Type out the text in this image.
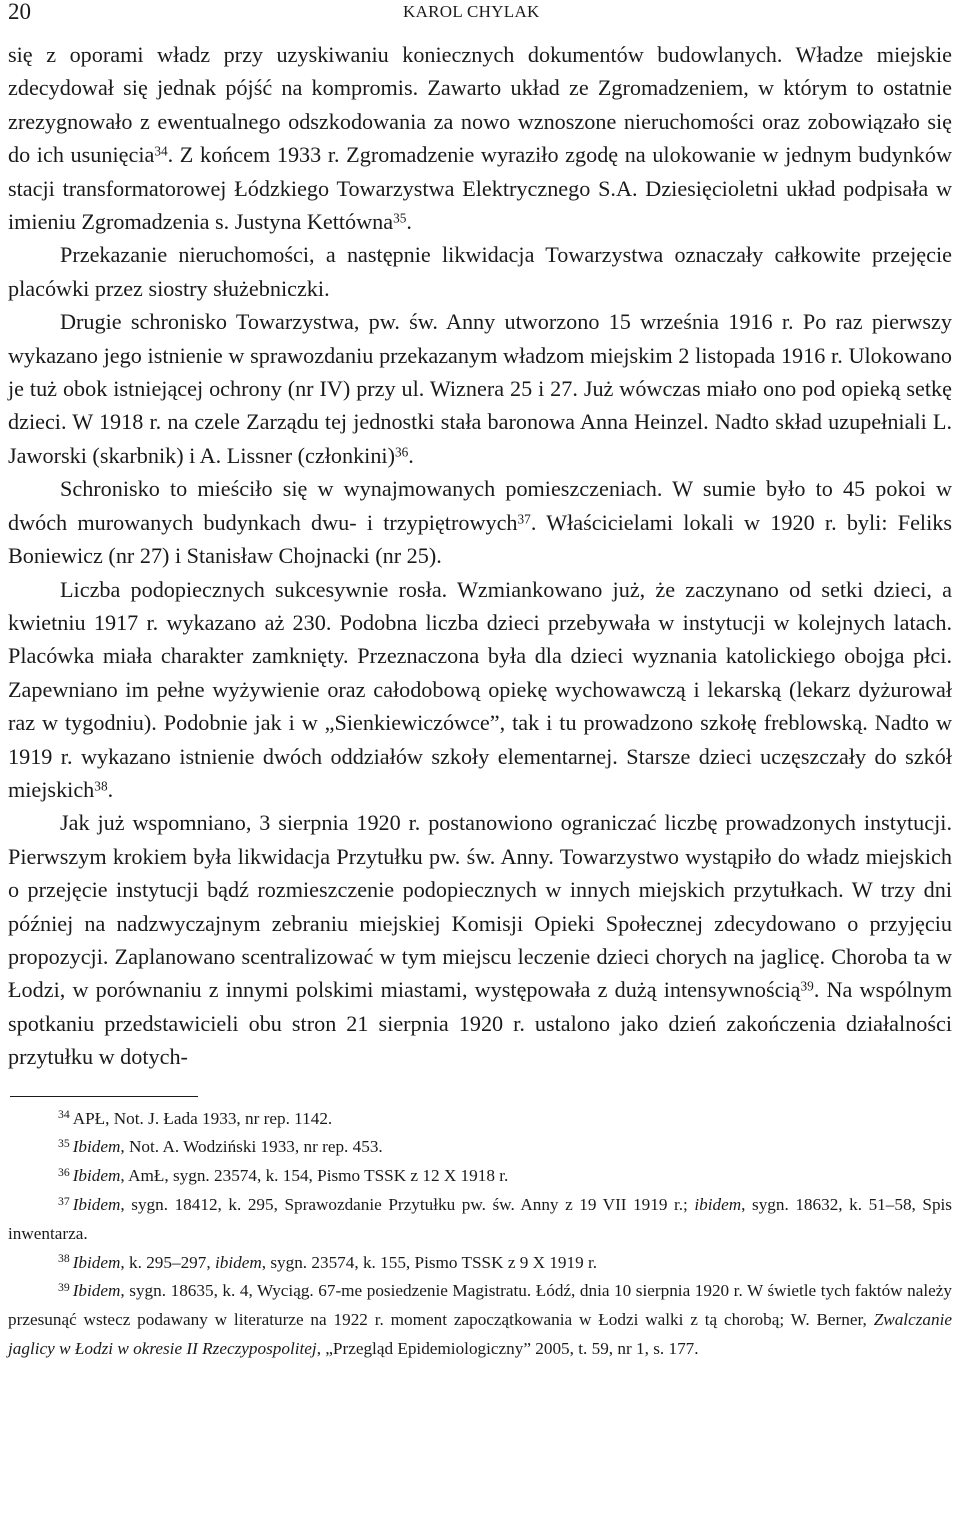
20	KAROL CHYLAK

się z oporami władz przy uzyskiwaniu koniecznych dokumentów budowlanych. Władze miejskie zdecydował się jednak pójść na kompromis. Zawarto układ ze Zgromadzeniem, w którym to ostatnie zrezygnowało z ewentualnego odszkodowania za nowo wznoszone nieruchomości oraz zobowiązało się do ich usunięcia$^{34}$. Z końcem 1933 r. Zgromadzenie wyraziło zgodę na ulokowanie w jednym budynków stacji transformatorowej Łódzkiego Towarzystwa Elektrycznego S.A. Dziesięcioletni układ podpisała w imieniu Zgromadzenia s. Justyna Kettówna$^{35}$.

Przekazanie nieruchomości, a następnie likwidacja Towarzystwa oznaczały całkowite przejęcie placówki przez siostry służebniczki.

Drugie schronisko Towarzystwa, pw. św. Anny utworzono 15 września 1916 r. Po raz pierwszy wykazano jego istnienie w sprawozdaniu przekazanym władzom miejskim 2 listopada 1916 r. Ulokowano je tuż obok istniejącej ochrony (nr IV) przy ul. Wiznera 25 i 27. Już wówczas miało ono pod opieką setkę dzieci. W 1918 r. na czele Zarządu tej jednostki stała baronowa Anna Heinzel. Nadto skład uzupełniali L. Jaworski (skarbnik) i A. Lissner (członkini)$^{36}$.

Schronisko to mieściło się w wynajmowanych pomieszczeniach. W sumie było to 45 pokoi w dwóch murowanych budynkach dwu- i trzypiętrowych$^{37}$. Właścicielami lokali w 1920 r. byli: Feliks Boniewicz (nr 27) i Stanisław Chojnacki (nr 25).

Liczba podopiecznych sukcesywnie rosła. Wzmiankowano już, że zaczynano od setki dzieci, a kwietniu 1917 r. wykazano aż 230. Podobna liczba dzieci przebywała w instytucji w kolejnych latach. Placówka miała charakter zamknięty. Przeznaczona była dla dzieci wyznania katolickiego obojga płci. Zapewniano im pełne wyżywienie oraz całodobową opiekę wychowawczą i lekarską (lekarz dyżurował raz w tygodniu). Podobnie jak i w „Sienkiewiczówce”, tak i tu prowadzono szkołę freblowską. Nadto w 1919 r. wykazano istnienie dwóch oddziałów szkoły elementarnej. Starsze dzieci uczęszczały do szkół miejskich$^{38}$.

Jak już wspomniano, 3 sierpnia 1920 r. postanowiono ograniczać liczbę prowadzonych instytucji. Pierwszym krokiem była likwidacja Przytułku pw. św. Anny. Towarzystwo wystąpiło do władz miejskich o przejęcie instytucji bądź rozmieszczenie podopiecznych w innych miejskich przytułkach. W trzy dni później na nadzwyczajnym zebraniu miejskiej Komisji Opieki Społecznej zdecydowano o przyjęciu propozycji. Zaplanowano scentralizować w tym miejscu leczenie dzieci chorych na jaglicę. Choroba ta w Łodzi, w porównaniu z innymi polskimi miastami, występowała z dużą intensywnością$^{39}$. Na wspólnym spotkaniu przedstawicieli obu stron 21 sierpnia 1920 r. ustalono jako dzień zakończenia działalności przytułku w dotych-

$^{34}$ APŁ, Not. J. Łada 1933, nr rep. 1142.

$^{35}$ Ibidem, Not. A. Wodziński 1933, nr rep. 453.

$^{36}$ Ibidem, AmŁ, sygn. 23574, k. 154, Pismo TSSK z 12 X 1918 r.

$^{37}$ Ibidem, sygn. 18412, k. 295, Sprawozdanie Przytułku pw. św. Anny z 19 VII 1919 r.; ibidem, sygn. 18632, k. 51–58, Spis inwentarza.

$^{38}$ Ibidem, k. 295–297, ibidem, sygn. 23574, k. 155, Pismo TSSK z 9 X 1919 r.

$^{39}$ Ibidem, sygn. 18635, k. 4, Wyciąg. 67-me posiedzenie Magistratu. Łódź, dnia 10 sierpnia 1920 r. W świetle tych faktów należy przesunąć wstecz podawany w literaturze na 1922 r. moment zapoczątkowania w Łodzi walki z tą chorobą; W. Berner, Zwalczanie jaglicy w Łodzi w okresie II Rzeczypospolitej, „Przegląd Epidemiologiczny” 2005, t. 59, nr 1, s. 177.
